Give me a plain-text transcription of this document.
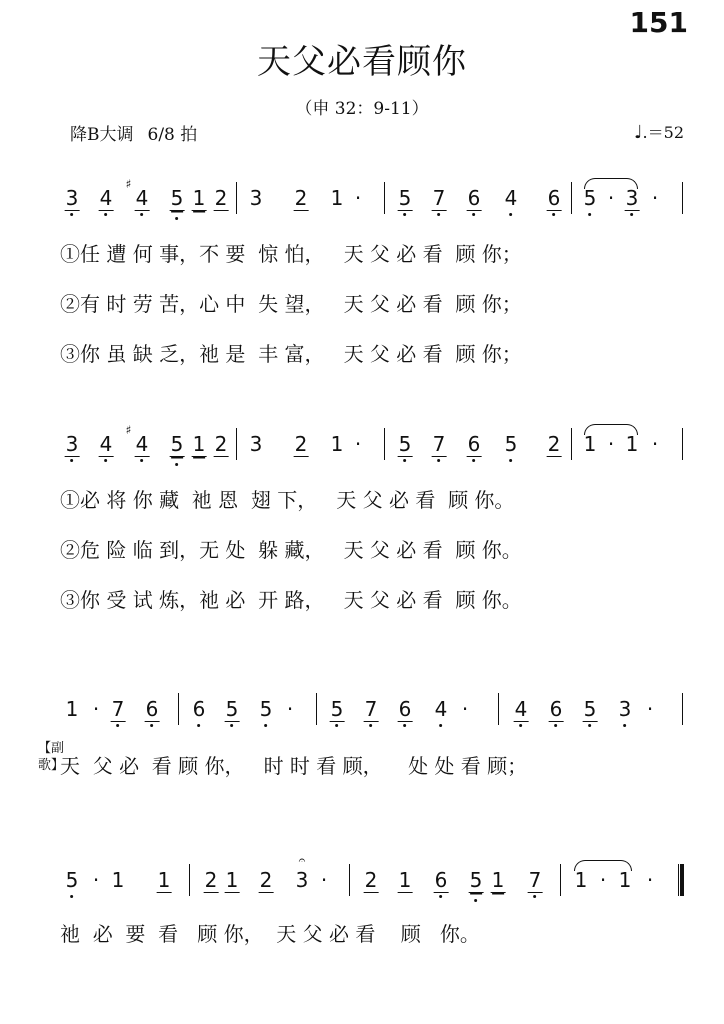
151
天父必看顾你
（申 32：9-11）
降B大调 6/8 拍	♩.＝52
3 4
♯
4 5 1 2 3 2 1 · 5 7 6 4 6 5 · 3 ·
①任 遭 何 事，不 要  惊 怕，   天 父 必 看  顾 你；
②有 时 劳 苦，心 中  失 望，   天 父 必 看  顾 你；
③你 虽 缺 乏，祂 是  丰 富，   天 父 必 看  顾 你；
3 4
♯
4 5 1 2 3 2 1 · 5 7 6 5 2 1 · 1 ·
①必 将 你 藏  祂 恩  翅 下，   天 父 必 看  顾 你。
②危 险 临 到，无 处  躲 藏，   天 父 必 看  顾 你。
③你 受 试 炼，祂 必  开 路，   天 父 必 看  顾 你。
1 · 7 6 6 5 5 · 5 7 6 4 · 4 6 5 3 ·
【副歌】
天  父 必  看 顾 你，   时 时 看 顾，    处 处 看 顾；
5 · 1 1 2 1 2
𝄐
3 · 2 1 6 5 1 7 1 · 1 ·
祂  必  要  看   顾 你，  天 父 必 看    顾   你。
